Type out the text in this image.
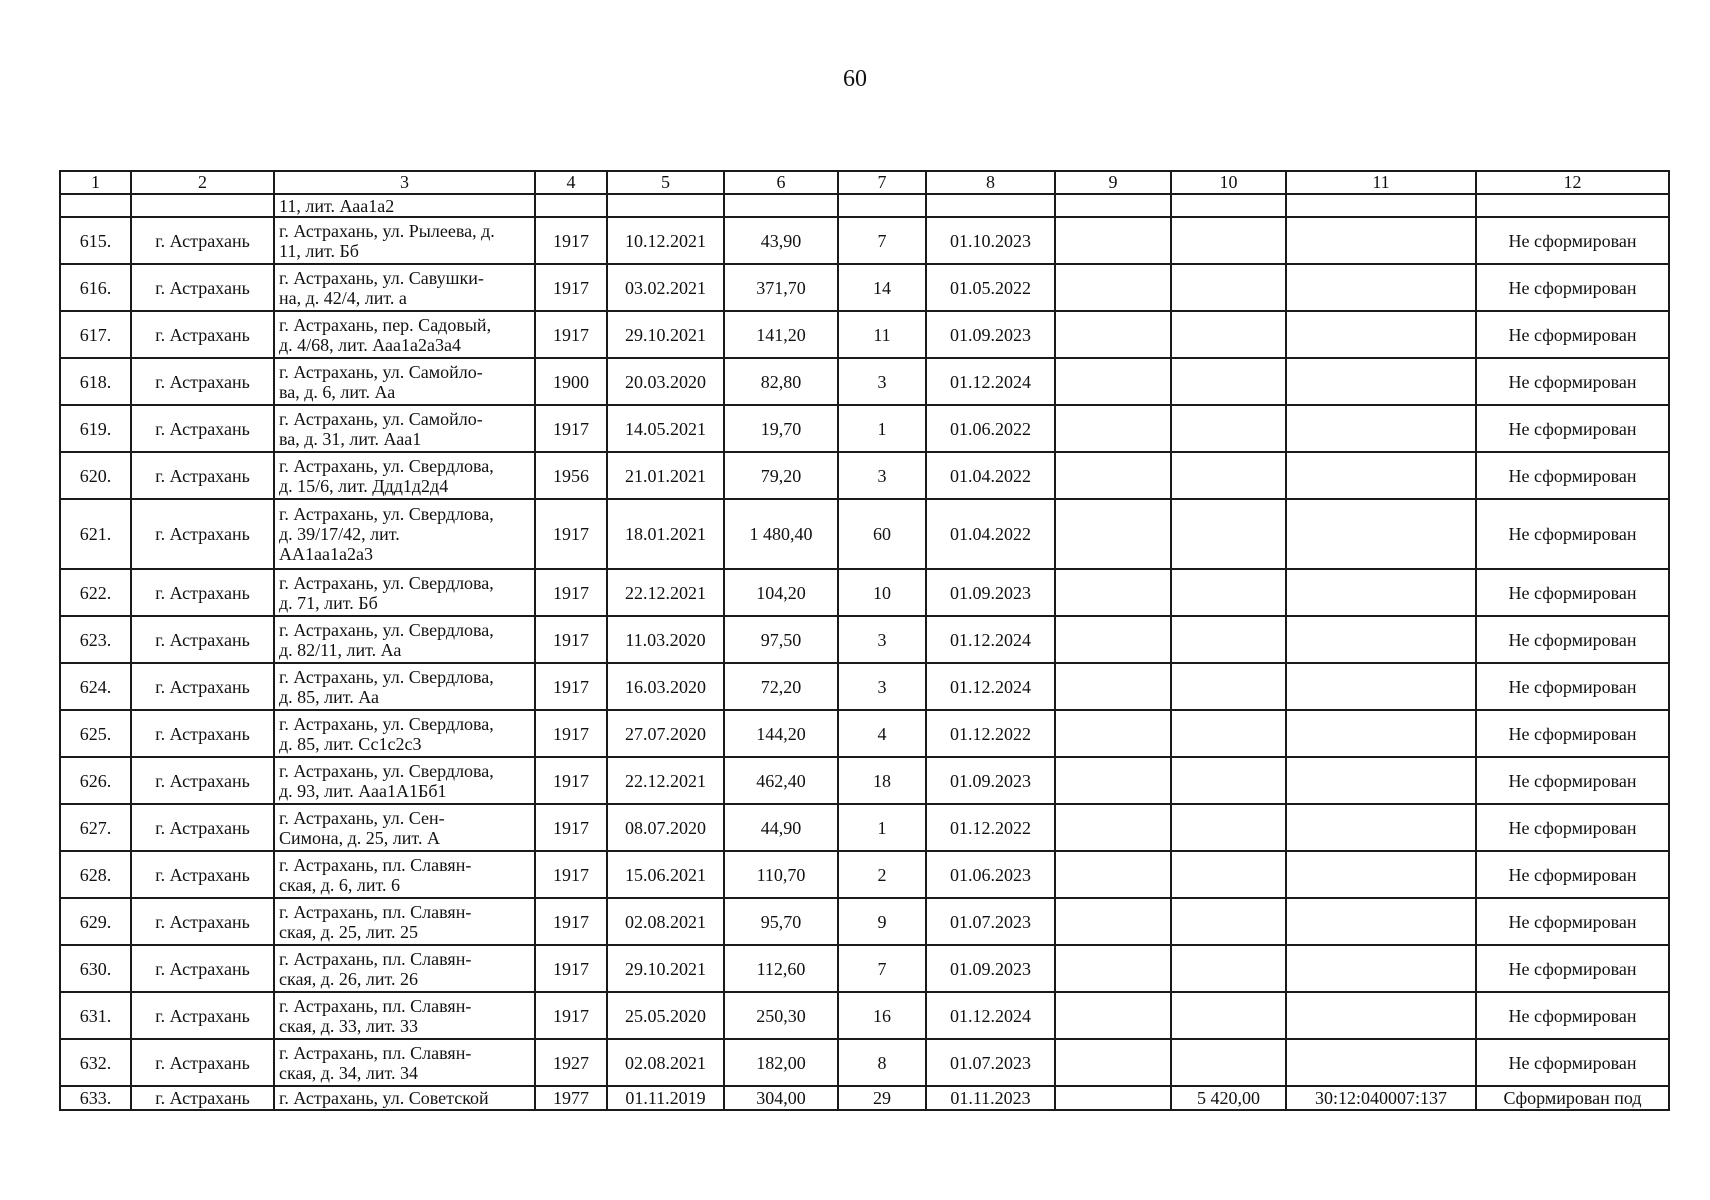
60
1	2	3	4	5	6	7	8	9	10	11	12
		11, лит. Ааа1а2									
615.	г. Астрахань	г. Астрахань, ул. Рылеева, д.
11, лит. Бб	1917	10.12.2021	43,90	7	01.10.2023				Не сформирован
616.	г. Астрахань	г. Астрахань, ул. Савушки-
на, д. 42/4, лит. а	1917	03.02.2021	371,70	14	01.05.2022				Не сформирован
617.	г. Астрахань	г. Астрахань, пер. Садовый,
д. 4/68, лит. Ааа1а2а3а4	1917	29.10.2021	141,20	11	01.09.2023				Не сформирован
618.	г. Астрахань	г. Астрахань, ул. Самойло-
ва, д. 6, лит. Аа	1900	20.03.2020	82,80	3	01.12.2024				Не сформирован
619.	г. Астрахань	г. Астрахань, ул. Самойло-
ва, д. 31, лит. Ааа1	1917	14.05.2021	19,70	1	01.06.2022				Не сформирован
620.	г. Астрахань	г. Астрахань, ул. Свердлова,
д. 15/6, лит. Ддд1д2д4	1956	21.01.2021	79,20	3	01.04.2022				Не сформирован
621.	г. Астрахань	г. Астрахань, ул. Свердлова,
д. 39/17/42, лит.
АА1аа1а2а3	1917	18.01.2021	1 480,40	60	01.04.2022				Не сформирован
622.	г. Астрахань	г. Астрахань, ул. Свердлова,
д. 71, лит. Бб	1917	22.12.2021	104,20	10	01.09.2023				Не сформирован
623.	г. Астрахань	г. Астрахань, ул. Свердлова,
д. 82/11, лит. Аа	1917	11.03.2020	97,50	3	01.12.2024				Не сформирован
624.	г. Астрахань	г. Астрахань, ул. Свердлова,
д. 85, лит. Аа	1917	16.03.2020	72,20	3	01.12.2024				Не сформирован
625.	г. Астрахань	г. Астрахань, ул. Свердлова,
д. 85, лит. Сс1с2с3	1917	27.07.2020	144,20	4	01.12.2022				Не сформирован
626.	г. Астрахань	г. Астрахань, ул. Свердлова,
д. 93, лит. Ааа1А1Бб1	1917	22.12.2021	462,40	18	01.09.2023				Не сформирован
627.	г. Астрахань	г. Астрахань, ул. Сен-
Симона, д. 25, лит. А	1917	08.07.2020	44,90	1	01.12.2022				Не сформирован
628.	г. Астрахань	г. Астрахань, пл. Славян-
ская, д. 6, лит. 6	1917	15.06.2021	110,70	2	01.06.2023				Не сформирован
629.	г. Астрахань	г. Астрахань, пл. Славян-
ская, д. 25, лит. 25	1917	02.08.2021	95,70	9	01.07.2023				Не сформирован
630.	г. Астрахань	г. Астрахань, пл. Славян-
ская, д. 26, лит. 26	1917	29.10.2021	112,60	7	01.09.2023				Не сформирован
631.	г. Астрахань	г. Астрахань, пл. Славян-
ская, д. 33, лит. 33	1917	25.05.2020	250,30	16	01.12.2024				Не сформирован
632.	г. Астрахань	г. Астрахань, пл. Славян-
ская, д. 34, лит. 34	1927	02.08.2021	182,00	8	01.07.2023				Не сформирован
633.	г. Астрахань	г. Астрахань, ул. Советской	1977	01.11.2019	304,00	29	01.11.2023		5 420,00	30:12:040007:137	Сформирован под
